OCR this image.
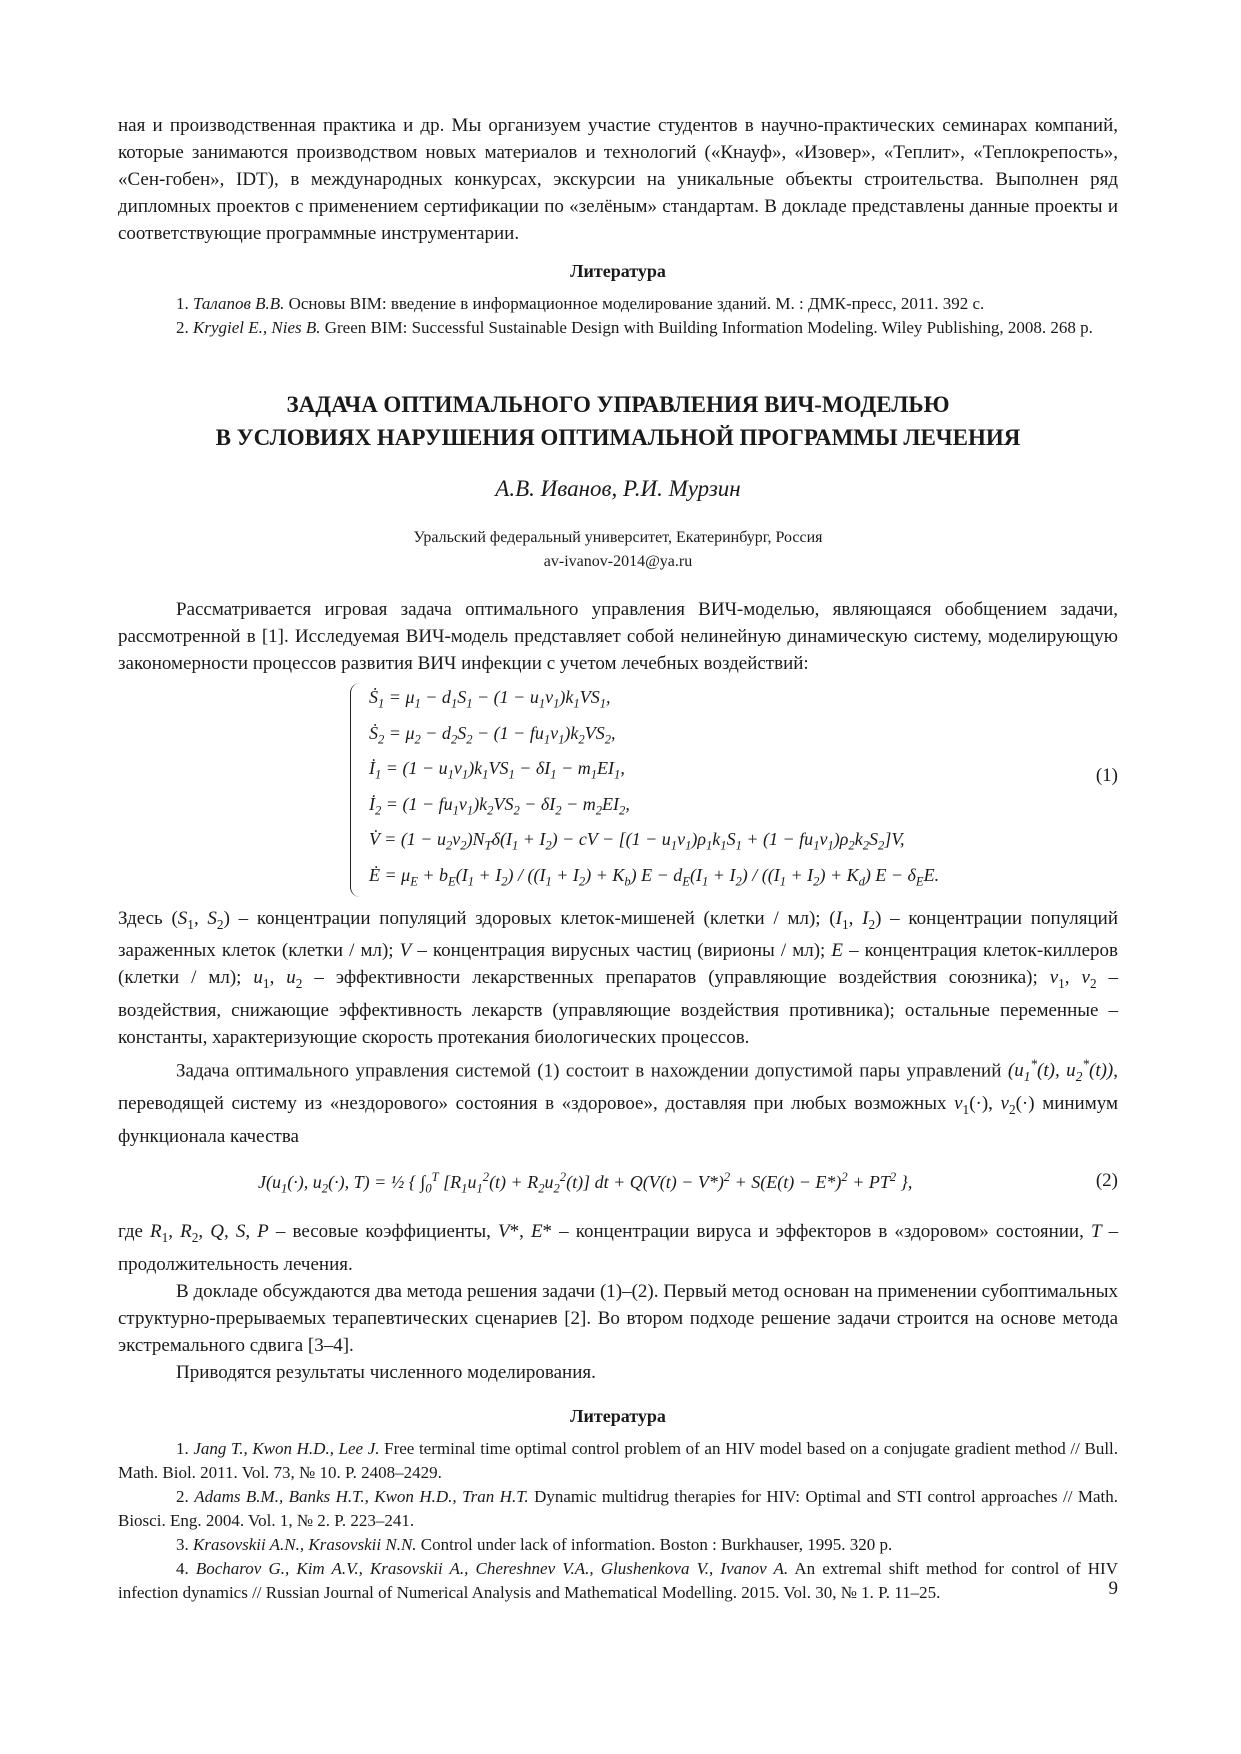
ная и производственная практика и др. Мы организуем участие студентов в научно-практических семинарах компаний, которые занимаются производством новых материалов и технологий («Кнауф», «Изовер», «Теплит», «Теплокрепость», «Сен-гобен», IDT), в международных конкурсах, экскурсии на уникальные объекты строительства. Выполнен ряд дипломных проектов с применением сертификации по «зелёным» стандартам. В докладе представлены данные проекты и соответствующие программные инструментарии.

Литература

1. Талапов В.В. Основы BIM: введение в информационное моделирование зданий. М. : ДМК-пресс, 2011. 392 с.

2. Krygiel E., Nies B. Green BIM: Successful Sustainable Design with Building Information Modeling. Wiley Publishing, 2008. 268 p.

ЗАДАЧА ОПТИМАЛЬНОГО УПРАВЛЕНИЯ ВИЧ-МОДЕЛЬЮ
В УСЛОВИЯХ НАРУШЕНИЯ ОПТИМАЛЬНОЙ ПРОГРАММЫ ЛЕЧЕНИЯ
А.В. Иванов, Р.И. Мурзин
Уральский федеральный университет, Екатеринбург, Россия
av-ivanov-2014@ya.ru

Рассматривается игровая задача оптимального управления ВИЧ-моделью, являющаяся обобщением задачи, рассмотренной в [1]. Исследуемая ВИЧ-модель представляет собой нелинейную динамическую систему, моделирующую закономерности процессов развития ВИЧ инфекции с учетом лечебных воздействий:

(1)
Ṡ$_1$ = $\mu_1 - d_1S_1 - (1 - u_1v_1)k_1VS_1$,
Ṡ$_2$ = $\mu_2 - d_2S_2 - (1 - fu_1v_1)k_2VS_2$,
$İ_1 = (1 - u_1v_1)k_1VS_1 - \delta I_1 - m_1EI_1$,
$İ_2 = (1 - fu_1v_1)k_2VS_2 - \delta I_2 - m_2EI_2$,
V̇ = $(1 - u_2v_2)N_T\delta(I_1 + I_2)$ − cV − $[(1 - u_1v_1)\rho_1k_1S_1 + (1 - fu_1v_1)\rho_2k_2S_2]V$,
Ė = $\mu_E + b_E(I_1 + I_2) / ((I_1 + I_2) + K_b) E - d_E(I_1 + I_2) / ((I_1 + I_2) + K_d) E - \delta_EE$.

Здесь ($S_1$, $S_2$) – концентрации популяций здоровых клеток-мишеней (клетки / мл); ($I_1$, $I_2$) – концентрации популяций зараженных клеток (клетки / мл); V – концентрация вирусных частиц (вирионы / мл); E – концентрация клеток-киллеров (клетки / мл); $u_1$, $u_2$ – эффективности лекарственных препаратов (управляющие воздействия союзника); $v_1$, $v_2$ – воздействия, снижающие эффективность лекарств (управляющие воздействия противника); остальные переменные – константы, характеризующие скорость протекания биологических процессов.

Задача оптимального управления системой (1) состоит в нахождении допустимой пары управлений ($u_1^*(t)$, $u_2^*(t)$), переводящей систему из «нездорового» состояния в «здоровое», доставляя при любых возможных $v_1(\cdot)$, $v_2(\cdot)$ минимум функционала качества

(2)
$J(u_1(\cdot)$, $u_2(\cdot)$, T) = ½ { $\int_0^T$ $[R_1u_1^2(t) + R_2u_2^2(t)]$ dt + $Q(V(t) - V*)^2 + S(E(t) - E*)^2 + PT^2$ },

где $R_1$, $R_2$, Q, S, P – весовые коэффициенты, V*, E* – концентрации вируса и эффекторов в «здоровом» состоянии, T – продолжительность лечения.

В докладе обсуждаются два метода решения задачи (1)–(2). Первый метод основан на применении субоптимальных структурно-прерываемых терапевтических сценариев [2]. Во втором подходе решение задачи строится на основе метода экстремального сдвига [3–4].

Приводятся результаты численного моделирования.

Литература

1. Jang T., Kwon H.D., Lee J. Free terminal time optimal control problem of an HIV model based on a conjugate gradient method // Bull. Math. Biol. 2011. Vol. 73, № 10. P. 2408–2429.

2. Adams B.M., Banks H.T., Kwon H.D., Tran H.T. Dynamic multidrug therapies for HIV: Optimal and STI control approaches // Math. Biosci. Eng. 2004. Vol. 1, № 2. P. 223–241.

3. Krasovskii A.N., Krasovskii N.N. Control under lack of information. Boston : Burkhauser, 1995. 320 p.

4. Bocharov G., Kim A.V., Krasovskii A., Chereshnev V.A., Glushenkova V., Ivanov A. An extremal shift method for control of HIV infection dynamics // Russian Journal of Numerical Analysis and Mathematical Modelling. 2015. Vol. 30, № 1. P. 11–25.	9
